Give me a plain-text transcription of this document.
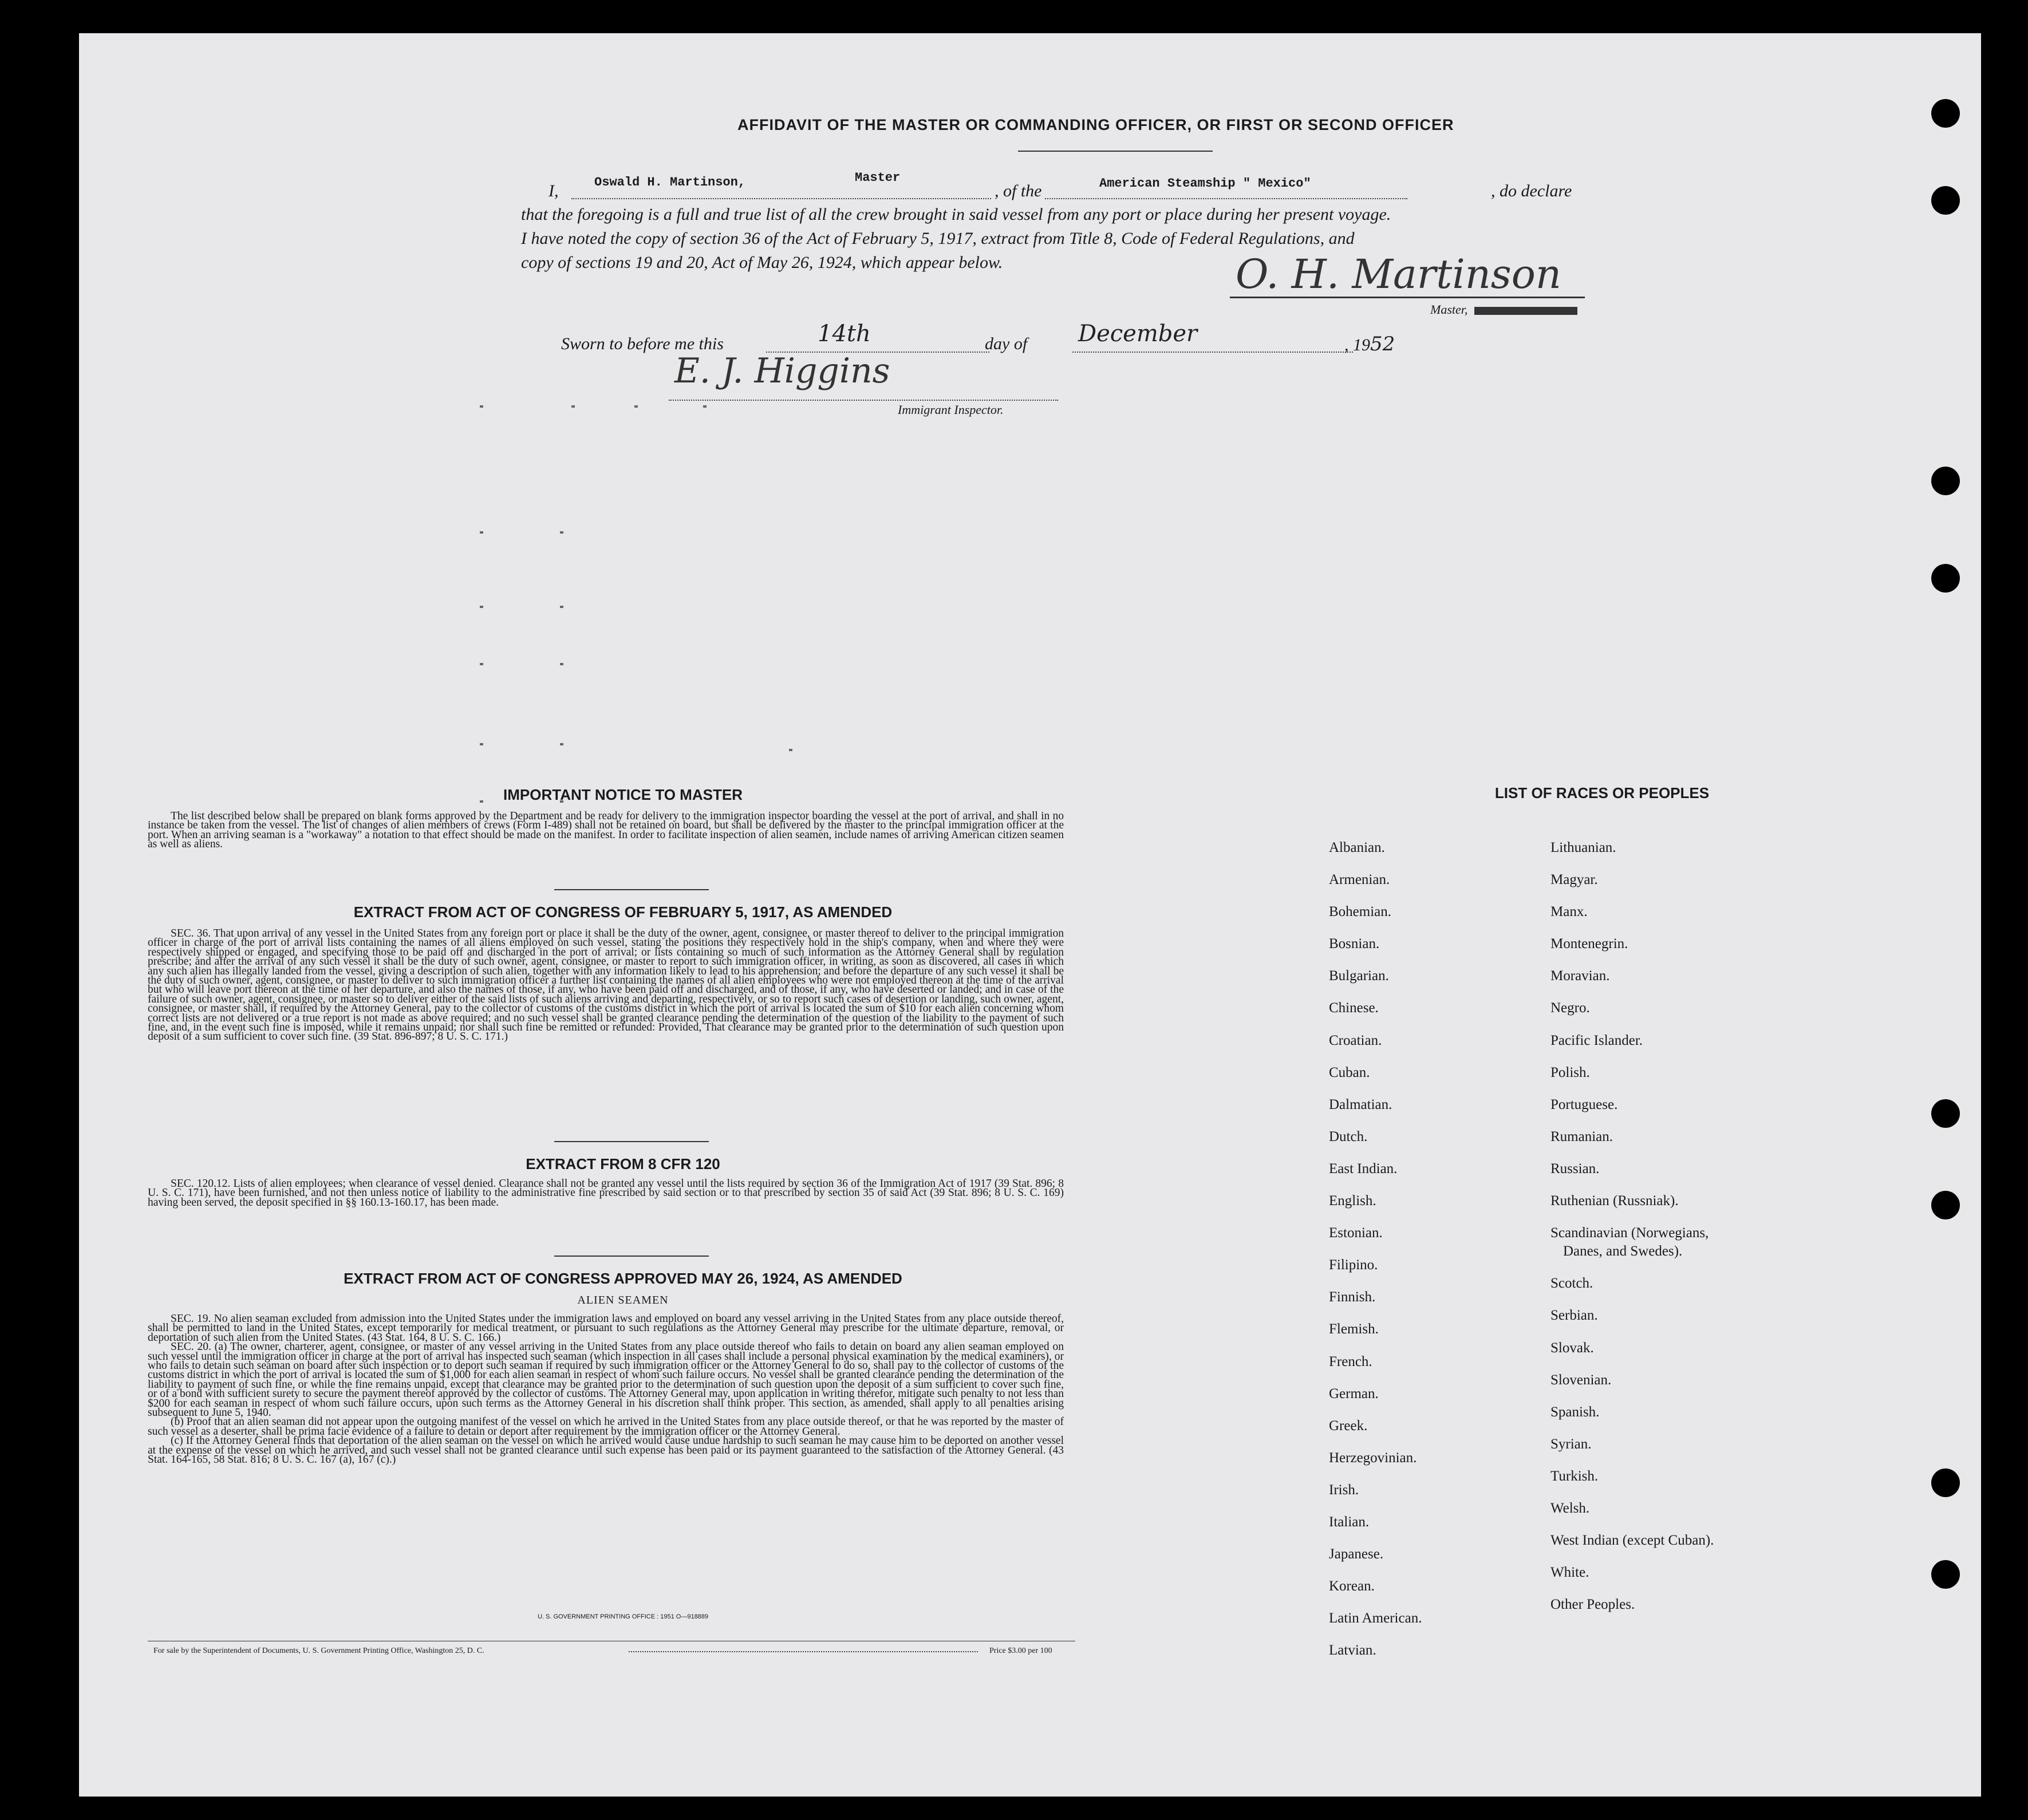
AFFIDAVIT OF THE MASTER OR COMMANDING OFFICER, OR FIRST OR SECOND OFFICER
I,	Oswald H. Martinson,	Master
, of the	American Steamship " Mexico"	, do declare
that the foregoing is a full and true list of all the crew brought in said vessel from any port or place during her present voyage.
I have noted the copy of section 36 of the Act of February 5, 1917, extract from Title 8, Code of Federal Regulations, and
copy of sections 19 and 20, Act of May 26, 1924, which appear below.	O. H. Martinson
Master,
Sworn to before me this	14th	day of December	, 1952
E. J. Higgins
Immigrant Inspector.
IMPORTANT NOTICE TO MASTER

The list described below shall be prepared on blank forms approved by the Department and be ready for delivery to the immigration inspector boarding the vessel at the port of arrival, and shall in no instance be taken from the vessel. The list of changes of alien members of crews (Form I-489) shall not be retained on board, but shall be delivered by the master to the principal immigration officer at the port. When an arriving seaman is a "workaway" a notation to that effect should be made on the manifest. In order to facilitate inspection of alien seamen, include names of arriving American citizen seamen as well as aliens.

EXTRACT FROM ACT OF CONGRESS OF FEBRUARY 5, 1917, AS AMENDED

SEC. 36. That upon arrival of any vessel in the United States from any foreign port or place it shall be the duty of the owner, agent, consignee, or master thereof to deliver to the principal immigration officer in charge of the port of arrival lists containing the names of all aliens employed on such vessel, stating the positions they respectively hold in the ship's company, when and where they were respectively shipped or engaged, and specifying those to be paid off and discharged in the port of arrival; or lists containing so much of such information as the Attorney General shall by regulation prescribe; and after the arrival of any such vessel it shall be the duty of such owner, agent, consignee, or master to report to such immigration officer, in writing, as soon as discovered, all cases in which any such alien has illegally landed from the vessel, giving a description of such alien, together with any information likely to lead to his apprehension; and before the departure of any such vessel it shall be the duty of such owner, agent, consignee, or master to deliver to such immigration officer a further list containing the names of all alien employees who were not employed thereon at the time of the arrival but who will leave port thereon at the time of her departure, and also the names of those, if any, who have been paid off and discharged, and of those, if any, who have deserted or landed; and in case of the failure of such owner, agent, consignee, or master so to deliver either of the said lists of such aliens arriving and departing, respectively, or so to report such cases of desertion or landing, such owner, agent, consignee, or master shall, if required by the Attorney General, pay to the collector of customs of the customs district in which the port of arrival is located the sum of $10 for each alien concerning whom correct lists are not delivered or a true report is not made as above required; and no such vessel shall be granted clearance pending the determination of the question of the liability to the payment of such fine, and, in the event such fine is imposed, while it remains unpaid; nor shall such fine be remitted or refunded: Provided, That clearance may be granted prior to the determination of such question upon deposit of a sum sufficient to cover such fine. (39 Stat. 896-897; 8 U. S. C. 171.)

EXTRACT FROM 8 CFR 120

SEC. 120.12. Lists of alien employees; when clearance of vessel denied. Clearance shall not be granted any vessel until the lists required by section 36 of the Immigration Act of 1917 (39 Stat. 896; 8 U. S. C. 171), have been furnished, and not then unless notice of liability to the administrative fine prescribed by said section or to that prescribed by section 35 of said Act (39 Stat. 896; 8 U. S. C. 169) having been served, the deposit specified in §§ 160.13-160.17, has been made.

EXTRACT FROM ACT OF CONGRESS APPROVED MAY 26, 1924, AS AMENDED
ALIEN SEAMEN

SEC. 19. No alien seaman excluded from admission into the United States under the immigration laws and employed on board any vessel arriving in the United States from any place outside thereof, shall be permitted to land in the United States, except temporarily for medical treatment, or pursuant to such regulations as the Attorney General may prescribe for the ultimate departure, removal, or deportation of such alien from the United States. (43 Stat. 164, 8 U. S. C. 166.)

SEC. 20. (a) The owner, charterer, agent, consignee, or master of any vessel arriving in the United States from any place outside thereof who fails to detain on board any alien seaman employed on such vessel until the immigration officer in charge at the port of arrival has inspected such seaman (which inspection in all cases shall include a personal physical examination by the medical examiners), or who fails to detain such seaman on board after such inspection or to deport such seaman if required by such immigration officer or the Attorney General to do so, shall pay to the collector of customs of the customs district in which the port of arrival is located the sum of $1,000 for each alien seaman in respect of whom such failure occurs. No vessel shall be granted clearance pending the determination of the liability to payment of such fine, or while the fine remains unpaid, except that clearance may be granted prior to the determination of such question upon the deposit of a sum sufficient to cover such fine, or of a bond with sufficient surety to secure the payment thereof approved by the collector of customs. The Attorney General may, upon application in writing therefor, mitigate such penalty to not less than $200 for each seaman in respect of whom such failure occurs, upon such terms as the Attorney General in his discretion shall think proper. This section, as amended, shall apply to all penalties arising subsequent to June 5, 1940.

(b) Proof that an alien seaman did not appear upon the outgoing manifest of the vessel on which he arrived in the United States from any place outside thereof, or that he was reported by the master of such vessel as a deserter, shall be prima facie evidence of a failure to detain or deport after requirement by the immigration officer or the Attorney General.

(c) If the Attorney General finds that deportation of the alien seaman on the vessel on which he arrived would cause undue hardship to such seaman he may cause him to be deported on another vessel at the expense of the vessel on which he arrived, and such vessel shall not be granted clearance until such expense has been paid or its payment guaranteed to the satisfaction of the Attorney General. (43 Stat. 164-165, 58 Stat. 816; 8 U. S. C. 167 (a), 167 (c).)

U. S. GOVERNMENT PRINTING OFFICE : 1951 O—918889
For sale by the Superintendent of Documents, U. S. Government Printing Office, Washington 25, D. C.	Price $3.00 per 100
LIST OF RACES OR PEOPLES
Albanian.
Armenian.
Bohemian.
Bosnian.
Bulgarian.
Chinese.
Croatian.
Cuban.
Dalmatian.
Dutch.
East Indian.
English.
Estonian.
Filipino.
Finnish.
Flemish.
French.
German.
Greek.
Herzegovinian.
Irish.
Italian.
Japanese.
Korean.
Latin American.
Latvian.
Lithuanian.
Magyar.
Manx.
Montenegrin.
Moravian.
Negro.
Pacific Islander.
Polish.
Portuguese.
Rumanian.
Russian.
Ruthenian (Russniak).
Scandinavian (Norwegians,
Danes, and Swedes).
Scotch.
Serbian.
Slovak.
Slovenian.
Spanish.
Syrian.
Turkish.
Welsh.
West Indian (except Cuban).
White.
Other Peoples.
